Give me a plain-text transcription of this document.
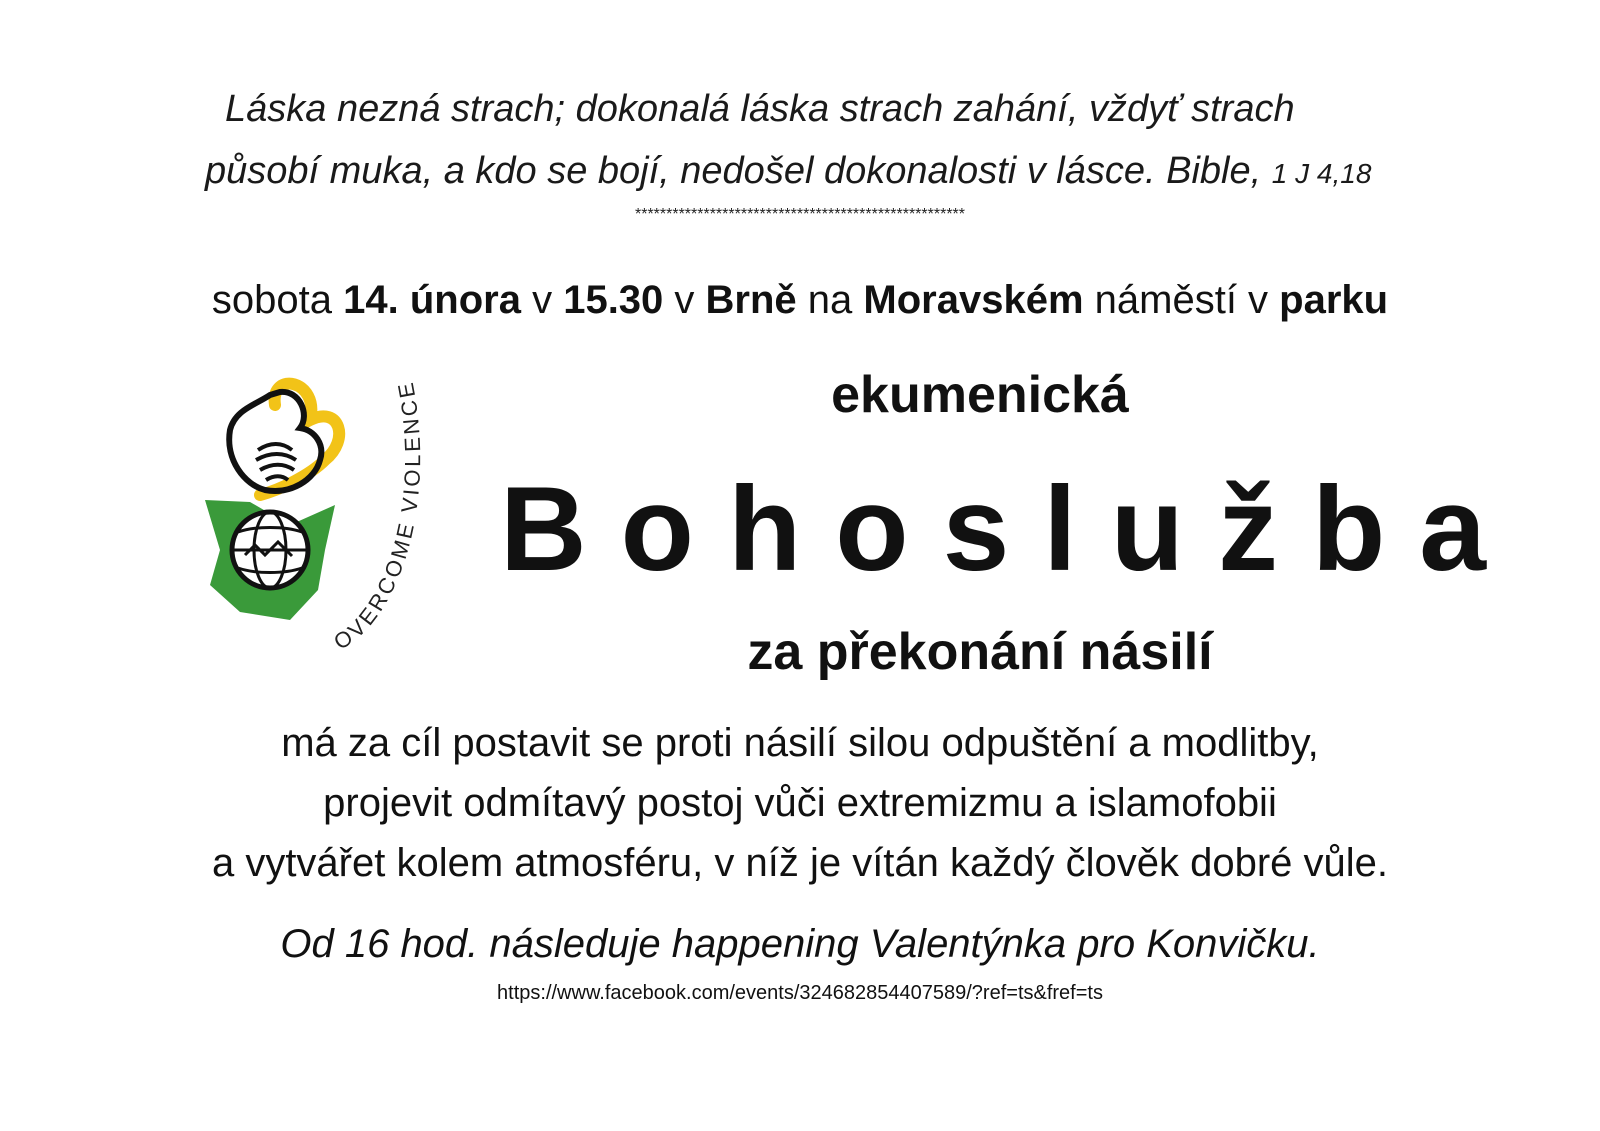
Láska nezná strach; dokonalá láska strach zahání, vždyť strach
působí muka, a kdo se bojí, nedošel dokonalosti v lásce. Bible, 1 J 4,18
*****************************************************
sobota 14. února v 15.30 v Brně na Moravském náměstí v parku
OVERCOME VIOLENCE	ekumenická
Bohoslužba
za překonání násilí
má za cíl postavit se proti násilí silou odpuštění a modlitby,
projevit odmítavý postoj vůči extremizmu a islamofobii
a vytvářet kolem atmosféru, v níž je vítán každý člověk dobré vůle.
Od 16 hod. následuje happening Valentýnka pro Konvičku.
https://www.facebook.com/events/324682854407589/?ref=ts&fref=ts
